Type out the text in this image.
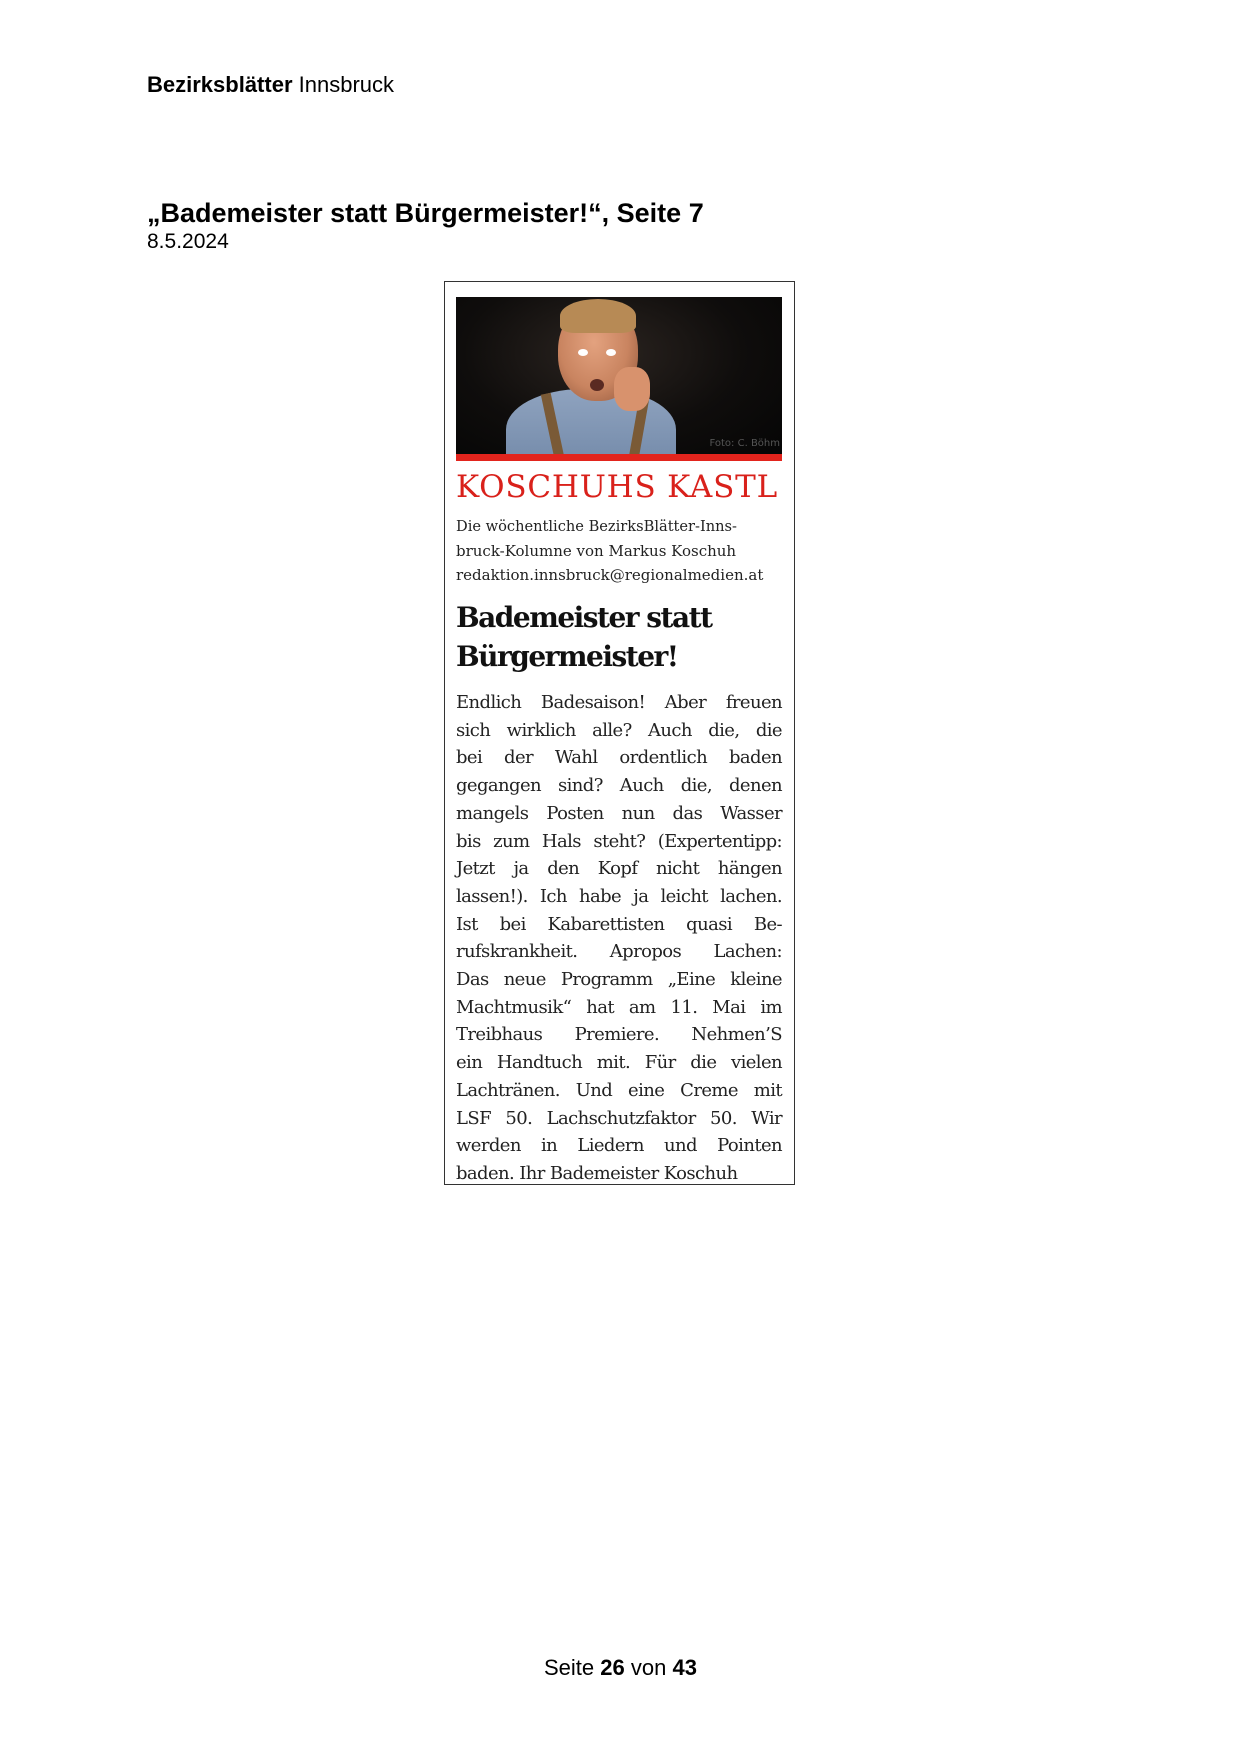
Bezirksblätter Innsbruck
„Bademeister statt Bürgermeister!“, Seite 7
8.5.2024
Foto: C. Böhm
KOSCHUHS KASTL
Die wöchentliche BezirksBlätter-Inns-
bruck-Kolumne von Markus Koschuh
redaktion.innsbruck@regionalmedien.at
Bademeister statt
Bürgermeister!
Endlich Badesaison! Aber freuen
sich wirklich alle? Auch die, die
bei der Wahl ordentlich baden
gegangen sind? Auch die, denen
mangels Posten nun das Wasser
bis zum Hals steht? (Expertentipp:
Jetzt ja den Kopf nicht hängen
lassen!). Ich habe ja leicht lachen.
Ist bei Kabarettisten quasi Be-
rufskrankheit. Apropos Lachen:
Das neue Programm „Eine kleine
Machtmusik“ hat am 11. Mai im
Treibhaus Premiere. Nehmen’S
ein Handtuch mit. Für die vielen
Lachtränen. Und eine Creme mit
LSF 50. Lachschutzfaktor 50. Wir
werden in Liedern und Pointen
baden. Ihr Bademeister Koschuh
Seite 26 von 43
